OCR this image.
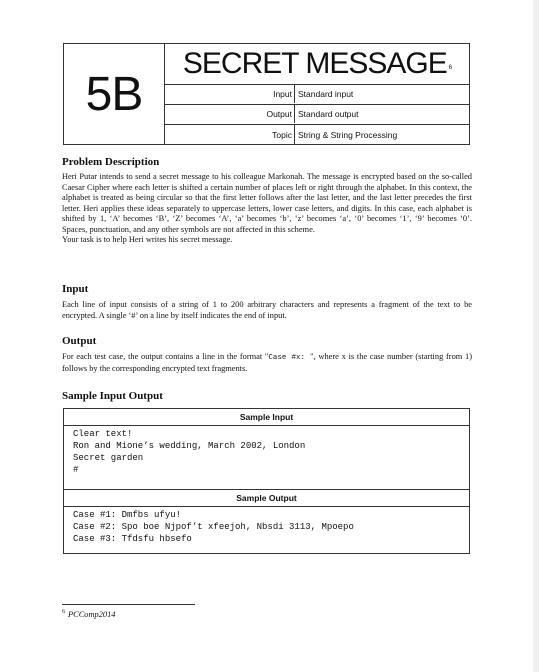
5B
SECRET MESSAGE $^6$
Input Standard input
Output Standard output
Topic String & String Processing
Problem Description
Heri Putar intends to send a secret message to his colleague Markonah. The message is encrypted based on the so-called Caesar Cipher where each letter is shifted a certain number of places left or right through the alphabet. In this context, the alphabet is treated as being circular so that the first letter follows after the last letter, and the last letter precedes the first letter. Heri applies these ideas separately to uppercase letters, lower case letters, and digits. In this case, each alphabet is shifted by 1, ‘A’ becomes ‘B’, ‘Z’ becomes ‘A’, ‘a’ becomes ‘b’, ‘z’ becomes ‘a’, ‘0’ becomes ‘1’, ‘9’ becomes ‘0’. Spaces, punctuation, and any other symbols are not affected in this scheme.
Your task is to help Heri writes his secret message.
Input
Each line of input consists of a string of 1 to 200 arbitrary characters and represents a fragment of the text to be encrypted. A single ‘#’ on a line by itself indicates the end of input.
Output
For each test case, the output contains a line in the format "Case #x: ", where x is the case number (starting from 1) follows by the corresponding encrypted text fragments.
Sample Input Output
Sample Input
Clear text!
Ron and Mione’s wedding, March 2002, London
Secret garden
#
Sample Output
Case #1: Dmfbs ufyu!
Case #2: Spo boe Njpof’t xfeejoh, Nbsdi 3113, Mpoepo
Case #3: Tfdsfu hbsefo
$^6$ PCComp2014
